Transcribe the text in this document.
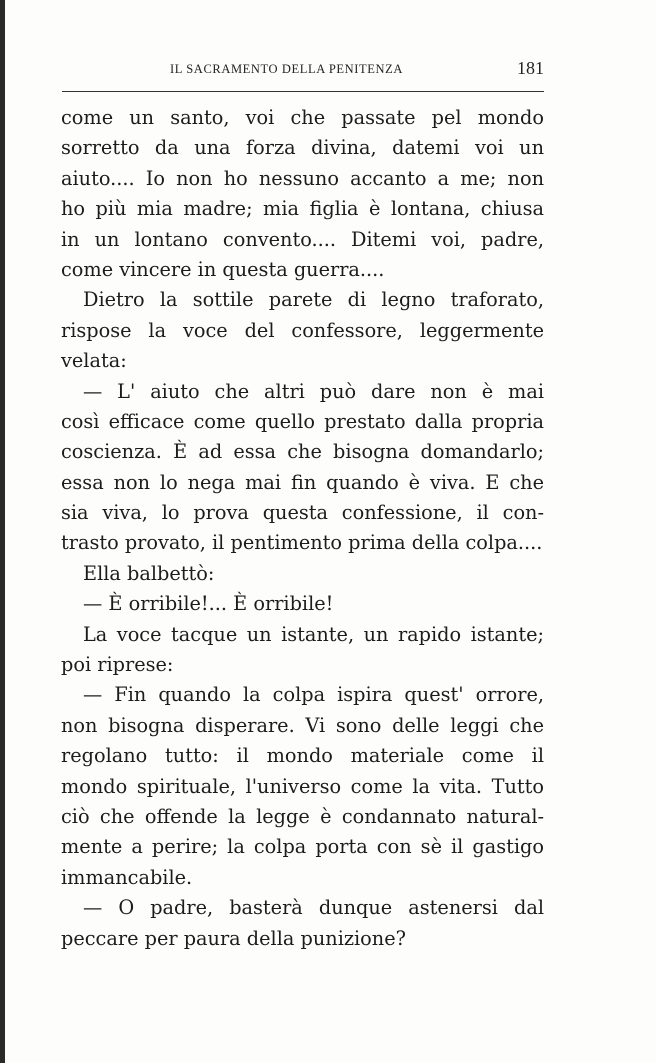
IL SACRAMENTO DELLA PENITENZA	181
come un santo, voi che passate pel mondo
sorretto da una forza divina, datemi voi un
aiuto.... Io non ho nessuno accanto a me; non
ho più mia madre; mia figlia è lontana, chiusa
in un lontano convento.... Ditemi voi, padre,
come vincere in questa guerra....
Dietro la sottile parete di legno traforato,
rispose la voce del confessore, leggermente
velata:
— L' aiuto che altri può dare non è mai
così efficace come quello prestato dalla propria
coscienza. È ad essa che bisogna domandarlo;
essa non lo nega mai fin quando è viva. E che
sia viva, lo prova questa confessione, il con-
trasto provato, il pentimento prima della colpa....
Ella balbettò:
— È orribile!... È orribile!
La voce tacque un istante, un rapido istante;
poi riprese:
— Fin quando la colpa ispira quest' orrore,
non bisogna disperare. Vi sono delle leggi che
regolano tutto: il mondo materiale come il
mondo spirituale, l'universo come la vita. Tutto
ciò che offende la legge è condannato natural-
mente a perire; la colpa porta con sè il gastigo
immancabile.
— O padre, basterà dunque astenersi dal
peccare per paura della punizione?
